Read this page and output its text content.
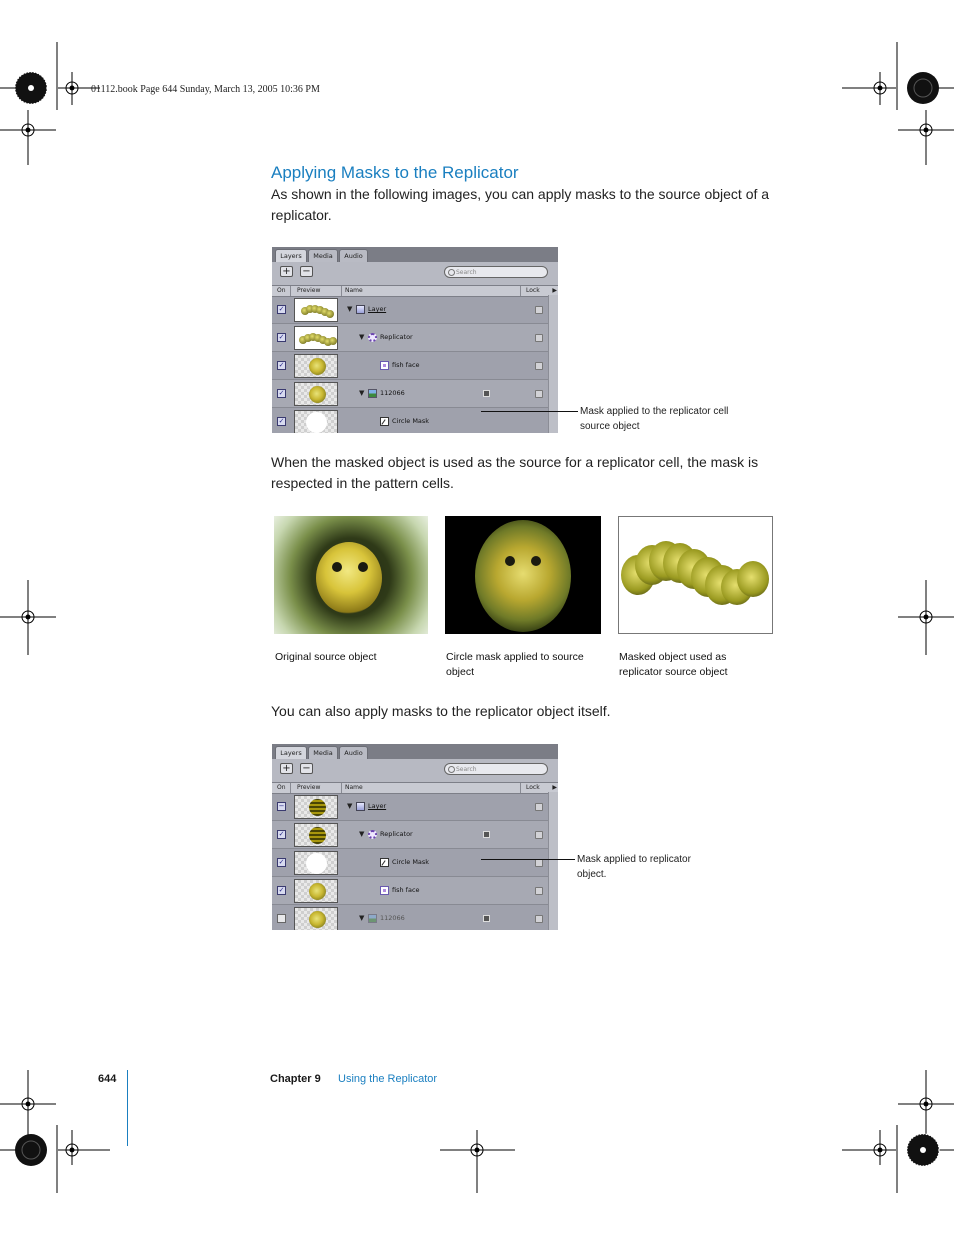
01112.book Page 644 Sunday, March 13, 2005 10:36 PM
Applying Masks to the Replicator
As shown in the following images, you can apply masks to the source object of a replicator.
Layers	Media	Audio
+ −	Search
On Preview	Name	Lock ▶
✓	▼ Layer
✓	▼ Replicator
✓	fish face
✓	▼ 112066
✓	Circle Mask
Mask applied to the replicator cell source object
When the masked object is used as the source for a replicator cell, the mask is respected in the pattern cells.
Original source object	Circle mask applied to source object
Masked object used as replicator source object
You can also apply masks to the replicator object itself.
Layers	Media	Audio
+ −	Search
On Preview	Name	Lock ▶
−	▼ Layer
✓	▼ Replicator
✓	Circle Mask
✓	fish face
▼ 112066
Mask applied to replicator object.
644	Chapter 9 Using the Replicator
